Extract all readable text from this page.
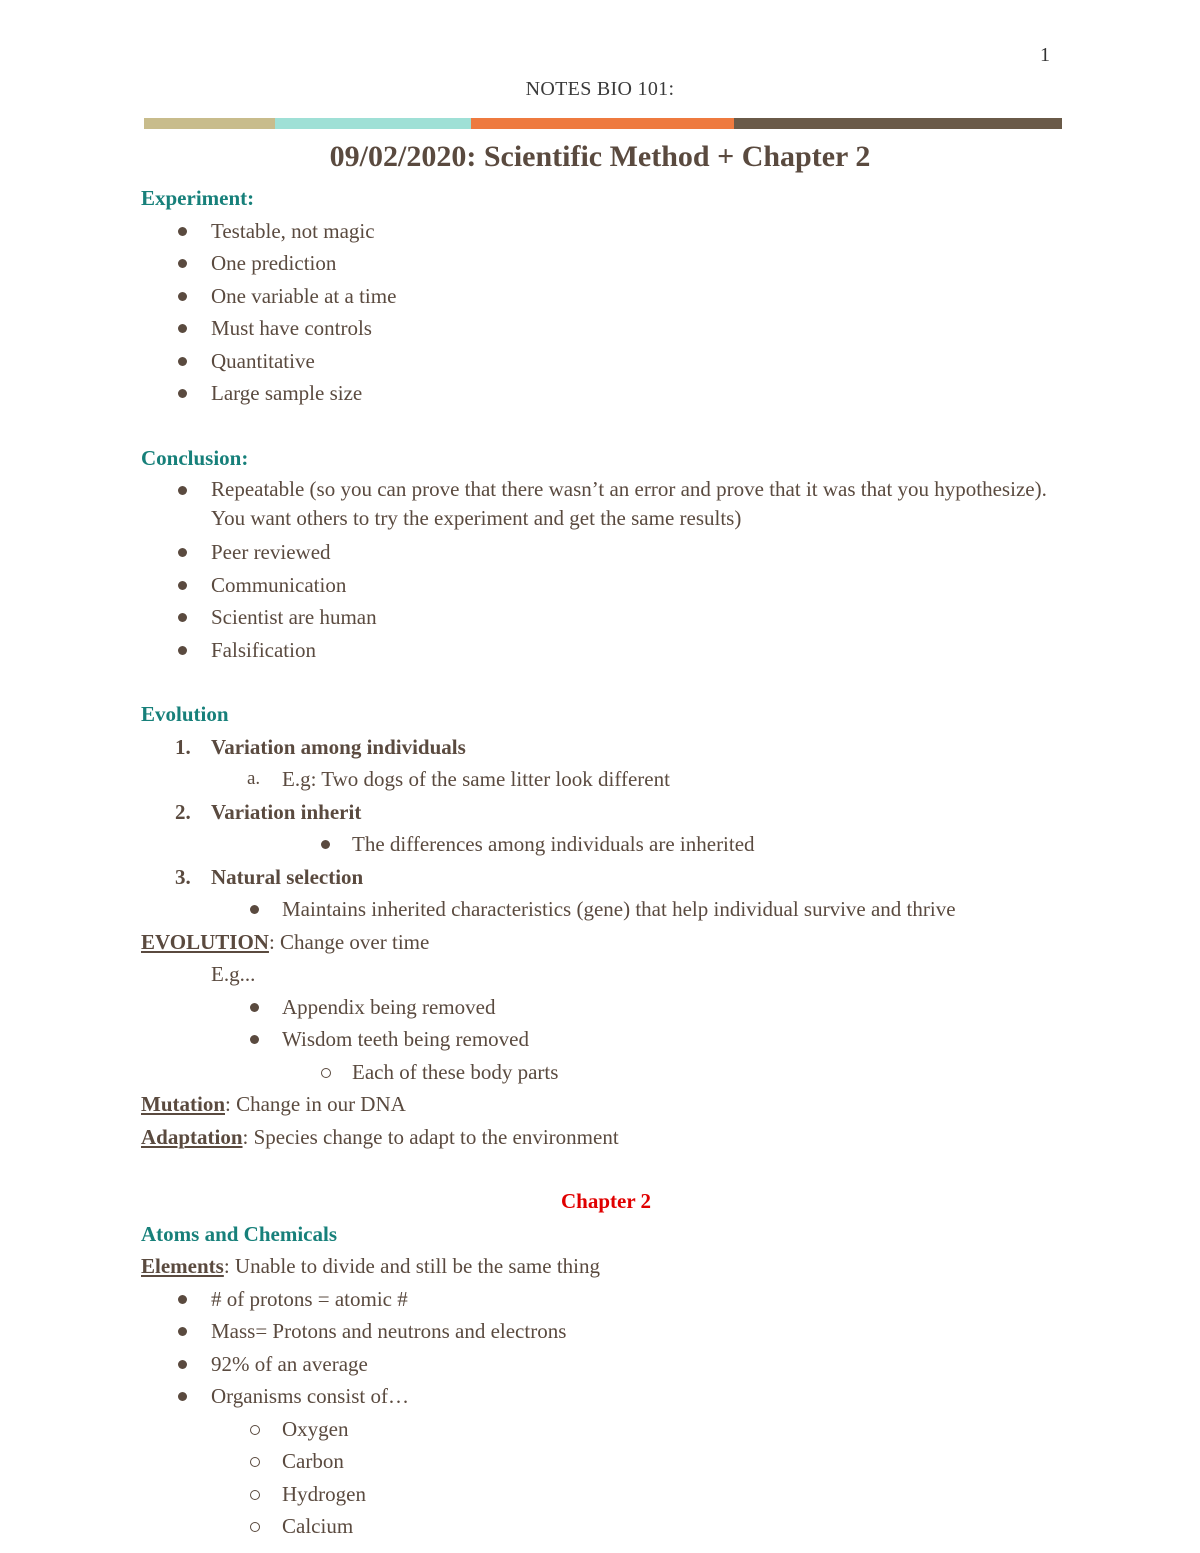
1
NOTES BIO 101:
09/02/2020: Scientific Method + Chapter 2
Experiment:
Testable, not magic
One prediction
One variable at a time
Must have controls
Quantitative
Large sample size
Conclusion:
Repeatable (so you can prove that there wasn’t an error and prove that it was that you hypothesize). You want others to try the experiment and get the same results)
Peer reviewed
Communication
Scientist are human
Falsification
Evolution
1. Variation among individuals
a. E.g: Two dogs of the same litter look different
2. Variation inherit
The differences among individuals are inherited
3. Natural selection
Maintains inherited characteristics (gene) that help individual survive and thrive
EVOLUTION: Change over time
E.g...
Appendix being removed
Wisdom teeth being removed
Each of these body parts
Mutation: Change in our DNA
Adaptation: Species change to adapt to the environment
Chapter 2
Atoms and Chemicals
Elements: Unable to divide and still be the same thing
# of protons = atomic #
Mass= Protons and neutrons and electrons
92% of an average
Organisms consist of…
Oxygen
Carbon
Hydrogen
Calcium
